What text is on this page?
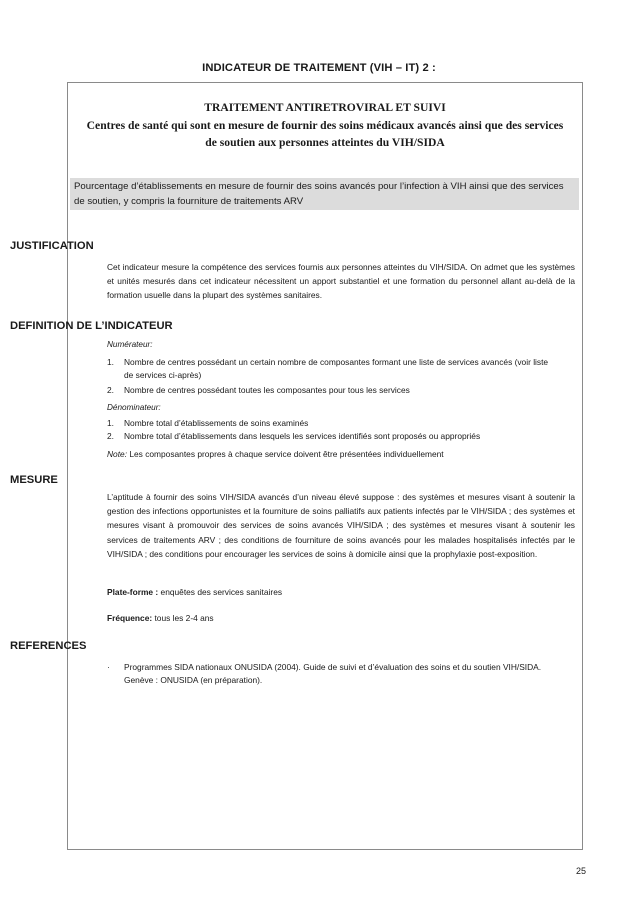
INDICATEUR DE TRAITEMENT (VIH – IT) 2 :
TRAITEMENT ANTIRETROVIRAL ET SUIVI
Centres de santé qui sont en mesure de fournir des soins médicaux avancés ainsi que des services de soutien aux personnes atteintes du VIH/SIDA
Pourcentage d’établissements en mesure de fournir des soins avancés pour l’infection à VIH ainsi que des services de soutien, y compris la fourniture de traitements ARV
JUSTIFICATION
Cet indicateur mesure la compétence des services fournis aux personnes atteintes du VIH/SIDA. On admet que les systèmes et unités mesurés dans cet indicateur nécessitent un apport substantiel et une formation du personnel allant au-delà de la formation usuelle dans la plupart des systèmes sanitaires.
DEFINITION DE L’INDICATEUR
Numérateur:
1. Nombre de centres possédant un certain nombre de composantes formant une liste de services avancés (voir liste
de services ci-après)
2. Nombre de centres possédant toutes les composantes pour tous les services
Dénominateur:
1. Nombre total d’établissements de soins examinés
2. Nombre total d’établissements dans lesquels les services identifiés sont proposés ou appropriés
Note: Les composantes propres à chaque service doivent être présentées individuellement
MESURE
L’aptitude à fournir des soins VIH/SIDA avancés d’un niveau élevé suppose : des systèmes et mesures visant à soutenir la gestion des infections opportunistes et la fourniture de soins palliatifs aux patients infectés par le VIH/SIDA ; des systèmes et mesures visant à promouvoir des services de soins avancés VIH/SIDA ; des systèmes et mesures visant à soutenir les services de traitements ARV ; des conditions de fourniture de soins avancés pour les malades hospitalisés infectés par le VIH/SIDA ; des conditions pour encourager les services de soins à domicile ainsi que la prophylaxie post-exposition.
Plate-forme : enquêtes des services sanitaires
Fréquence: tous les 2-4 ans
REFERENCES
· Programmes SIDA nationaux ONUSIDA (2004). Guide de suivi et d’évaluation des soins et du soutien VIH/SIDA.
Genève : ONUSIDA (en préparation).
25
